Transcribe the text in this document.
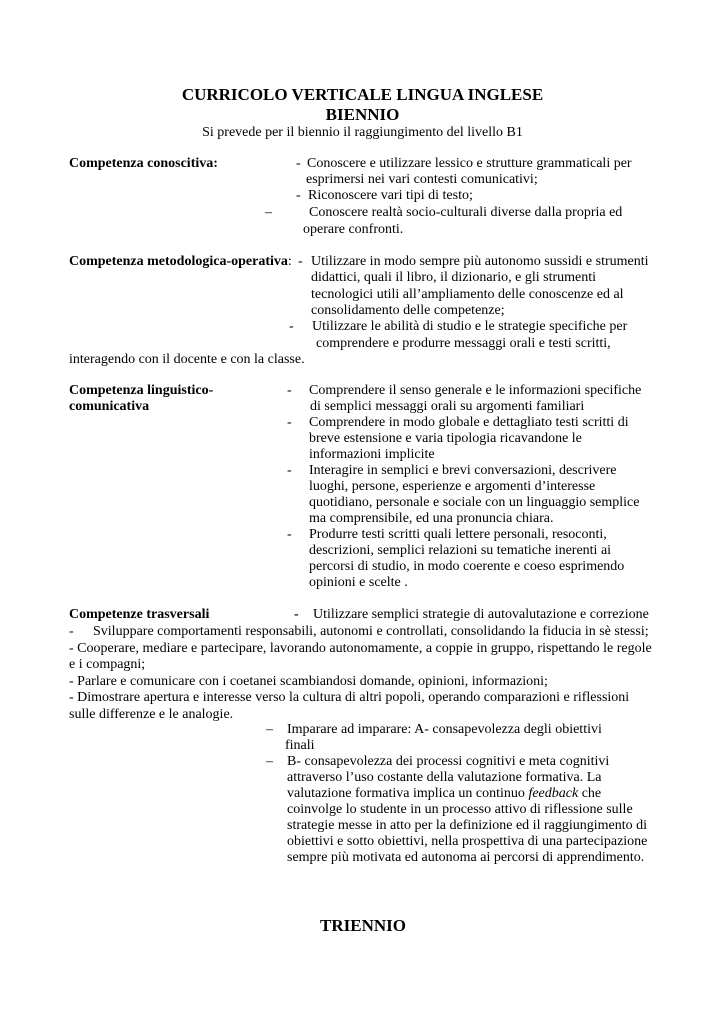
CURRICOLO VERTICALE LINGUA INGLESE
BIENNIO
Si prevede per il biennio il raggiungimento del livello B1
Competenza conoscitiva:	- Conoscere e utilizzare lessico e strutture grammaticali per
esprimersi nei vari contesti comunicativi;
- Riconoscere vari tipi di testo;
–	Conoscere realtà socio-culturali diverse dalla propria ed
operare confronti.
Competenza metodologica-operativa: - Utilizzare in modo sempre più autonomo sussidi e strumenti
didattici, quali il libro, il dizionario, e gli strumenti
tecnologici utili all’ampliamento delle conoscenze ed al
consolidamento delle competenze;
- Utilizzare le abilità di studio e le strategie specifiche per
comprendere e produrre messaggi orali e testi scritti,
interagendo con il docente e con la classe.
Competenza linguistico-
comunicativa
- Comprendere il senso generale e le informazioni specifiche
di semplici messaggi orali su argomenti familiari
- Comprendere in modo globale e dettagliato testi scritti di
breve estensione e varia tipologia ricavandone le
informazioni implicite
- Interagire in semplici e brevi conversazioni, descrivere
luoghi, persone, esperienze e argomenti d’interesse
quotidiano, personale e sociale con un linguaggio semplice
ma comprensibile, ed una pronuncia chiara.
- Produrre testi scritti quali lettere personali, resoconti,
descrizioni, semplici relazioni su tematiche inerenti ai
percorsi di studio, in modo coerente e coeso esprimendo
opinioni e scelte .
Competenze trasversali	- Utilizzare semplici strategie di autovalutazione e correzione
- Sviluppare comportamenti responsabili, autonomi e controllati, consolidando la fiducia in sè stessi;
- Cooperare, mediare e partecipare, lavorando autonomamente, a coppie in gruppo, rispettando le regole
e i compagni;
- Parlare e comunicare con i coetanei scambiandosi domande, opinioni, informazioni;
- Dimostrare apertura e interesse verso la cultura di altri popoli, operando comparazioni e riflessioni
sulle differenze e le analogie.
– Imparare ad imparare: A- consapevolezza degli obiettivi
finali
– B- consapevolezza dei processi cognitivi e meta cognitivi
attraverso l’uso costante della valutazione formativa. La
valutazione formativa implica un continuo feedback che
coinvolge lo studente in un processo attivo di riflessione sulle
strategie messe in atto per la definizione ed il raggiungimento di
obiettivi e sotto obiettivi, nella prospettiva di una partecipazione
sempre più motivata ed autonoma ai percorsi di apprendimento.
TRIENNIO
